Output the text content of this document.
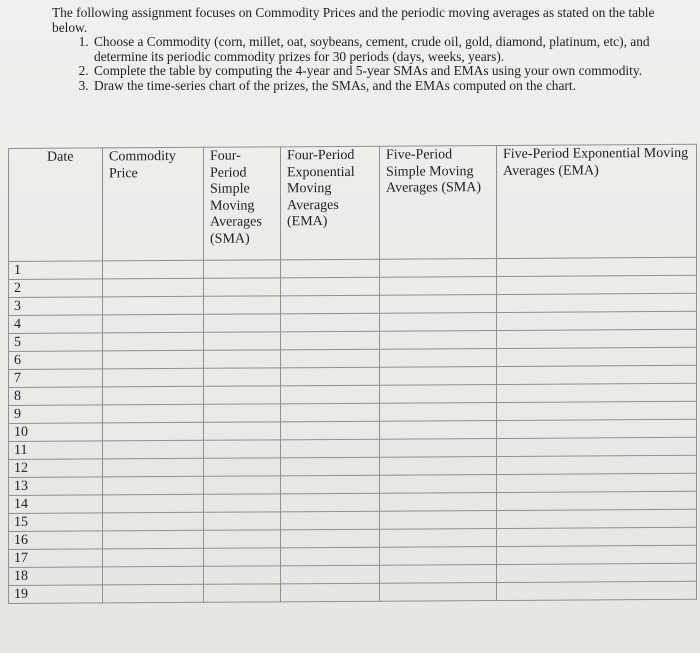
The following assignment focuses on Commodity Prices and the periodic moving averages as stated on the table below.

1. Choose a Commodity (corn, millet, oat, soybeans, cement, crude oil, gold, diamond, platinum, etc), and determine its periodic commodity prizes for 30 periods (days, weeks, years).
2. Complete the table by computing the 4-year and 5-year SMAs and EMAs using your own commodity.
3. Draw the time-series chart of the prizes, the SMAs, and the EMAs computed on the chart.
Date	Commodity Price	Four-Period Simple Moving Averages (SMA)	Four-Period Exponential Moving Averages (EMA)	Five-Period Simple Moving Averages (SMA)	Five-Period Exponential Moving Averages (EMA)
1					
2					
3					
4					
5					
6					
7					
8					
9					
10					
11					
12					
13					
14					
15					
16					
17					
18					
19					
